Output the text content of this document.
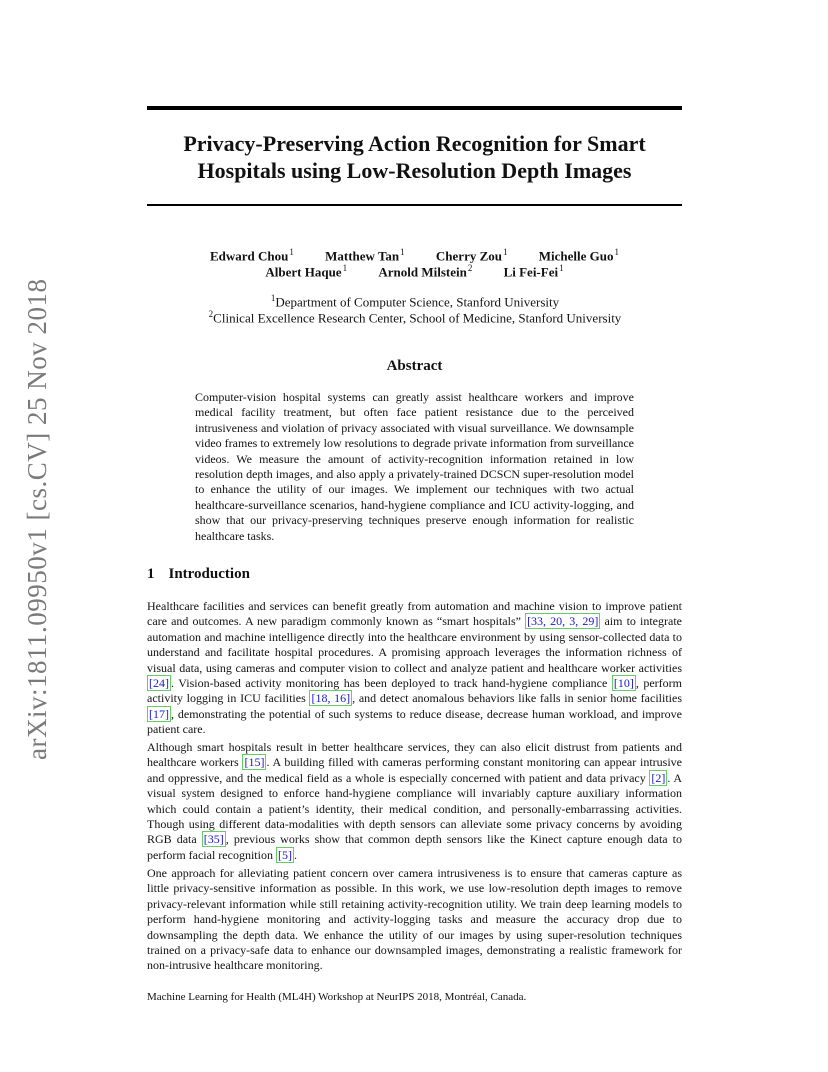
Privacy-Preserving Action Recognition for Smart Hospitals using Low-Resolution Depth Images
Edward Chou$^1$ Matthew Tan$^1$ Cherry Zou$^1$ Michelle Guo$^1$
Albert Haque$^1$ Arnold Milstein$^2$ Li Fei-Fei$^1$
$^1$Department of Computer Science, Stanford University
$^2$Clinical Excellence Research Center, School of Medicine, Stanford University
Abstract
Computer-vision hospital systems can greatly assist healthcare workers and improve medical facility treatment, but often face patient resistance due to the perceived intrusiveness and violation of privacy associated with visual surveillance. We downsample video frames to extremely low resolutions to degrade private information from surveillance videos. We measure the amount of activity-recognition information retained in low resolution depth images, and also apply a privately-trained DCSCN super-resolution model to enhance the utility of our images. We implement our techniques with two actual healthcare-surveillance scenarios, hand-hygiene compliance and ICU activity-logging, and show that our privacy-preserving techniques preserve enough information for realistic healthcare tasks.
1 Introduction

Healthcare facilities and services can benefit greatly from automation and machine vision to improve patient care and outcomes. A new paradigm commonly known as “smart hospitals” [33, 20, 3, 29] aim to integrate automation and machine intelligence directly into the healthcare environment by using sensor-collected data to understand and facilitate hospital procedures. A promising approach leverages the information richness of visual data, using cameras and computer vision to collect and analyze patient and healthcare worker activities [24] . Vision-based activity monitoring has been deployed to track hand-hygiene compliance [10] , perform activity logging in ICU facilities [18, 16] , and detect anomalous behaviors like falls in senior home facilities [17] , demonstrating the potential of such systems to reduce disease, decrease human workload, and improve patient care.

Although smart hospitals result in better healthcare services, they can also elicit distrust from patients and healthcare workers [15] . A building filled with cameras performing constant monitoring can appear intrusive and oppressive, and the medical field as a whole is especially concerned with patient and data privacy [2] . A visual system designed to enforce hand-hygiene compliance will invariably capture auxiliary information which could contain a patient’s identity, their medical condition, and personally-embarrassing activities. Though using different data-modalities with depth sensors can alleviate some privacy concerns by avoiding RGB data [35] , previous works show that common depth sensors like the Kinect capture enough data to perform facial recognition [5] .

One approach for alleviating patient concern over camera intrusiveness is to ensure that cameras capture as little privacy-sensitive information as possible. In this work, we use low-resolution depth images to remove privacy-relevant information while still retaining activity-recognition utility. We train deep learning models to perform hand-hygiene monitoring and activity-logging tasks and measure the accuracy drop due to downsampling the depth data. We enhance the utility of our images by using super-resolution techniques trained on a privacy-safe data to enhance our downsampled images, demonstrating a realistic framework for non-intrusive healthcare monitoring.

Machine Learning for Health (ML4H) Workshop at NeurIPS 2018, Montréal, Canada.
arXiv:1811.09950v1 [cs.CV] 25 Nov 2018
